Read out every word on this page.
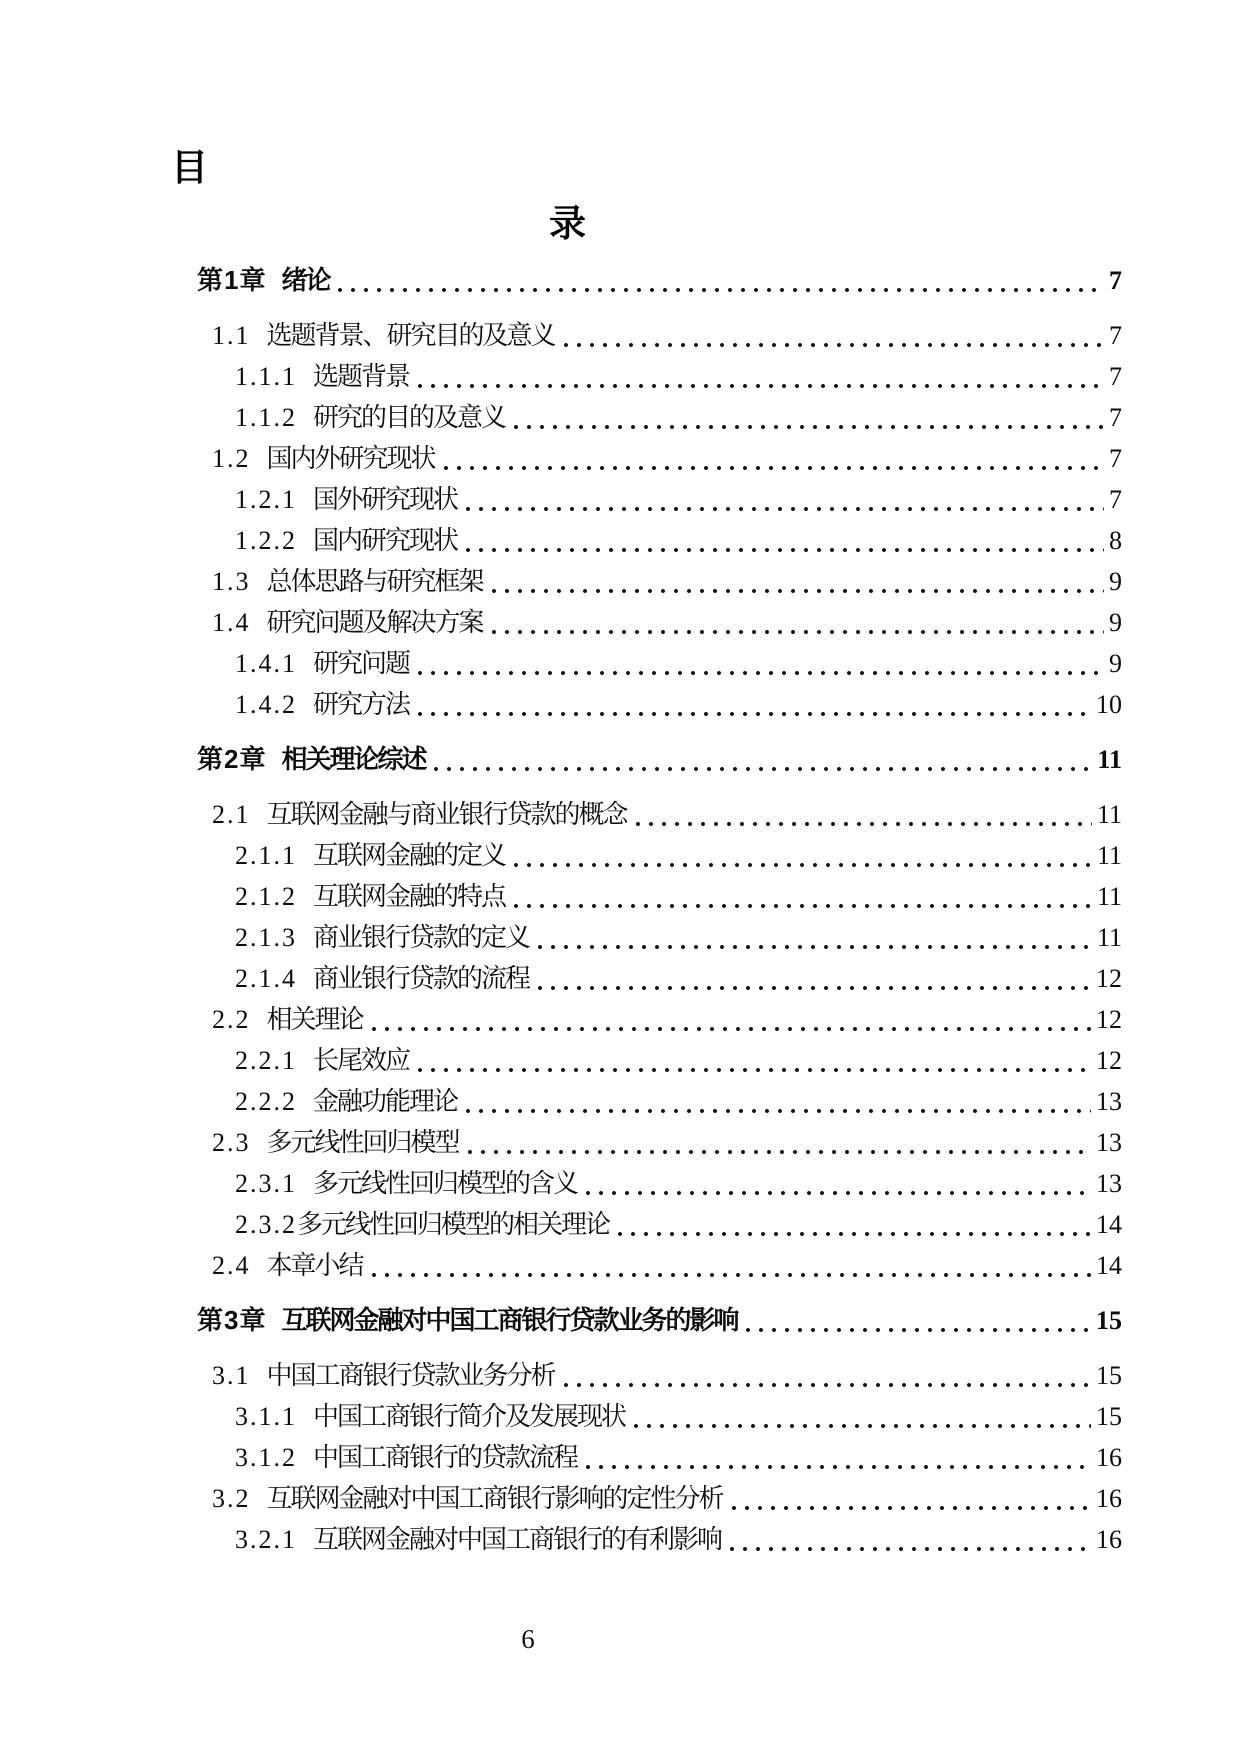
目
录
第1章 绪论	7
1.1 选题背景、研究目的及意义	7
1.1.1 选题背景	7
1.1.2 研究的目的及意义	7
1.2 国内外研究现状	7
1.2.1 国外研究现状	7
1.2.2 国内研究现状	8
1.3 总体思路与研究框架	9
1.4 研究问题及解决方案	9
1.4.1 研究问题	9
1.4.2 研究方法	10
第2章 相关理论综述	11
2.1 互联网金融与商业银行贷款的概念	11
2.1.1 互联网金融的定义	11
2.1.2 互联网金融的特点	11
2.1.3 商业银行贷款的定义	11
2.1.4 商业银行贷款的流程	12
2.2 相关理论	12
2.2.1 长尾效应	12
2.2.2 金融功能理论	13
2.3 多元线性回归模型	13
2.3.1 多元线性回归模型的含义	13
2.3.2 多元线性回归模型的相关理论	14
2.4 本章小结	14
第3章 互联网金融对中国工商银行贷款业务的影响	15
3.1 中国工商银行贷款业务分析	15
3.1.1 中国工商银行简介及发展现状	15
3.1.2 中国工商银行的贷款流程	16
3.2 互联网金融对中国工商银行影响的定性分析	16
3.2.1 互联网金融对中国工商银行的有利影响	16
6
